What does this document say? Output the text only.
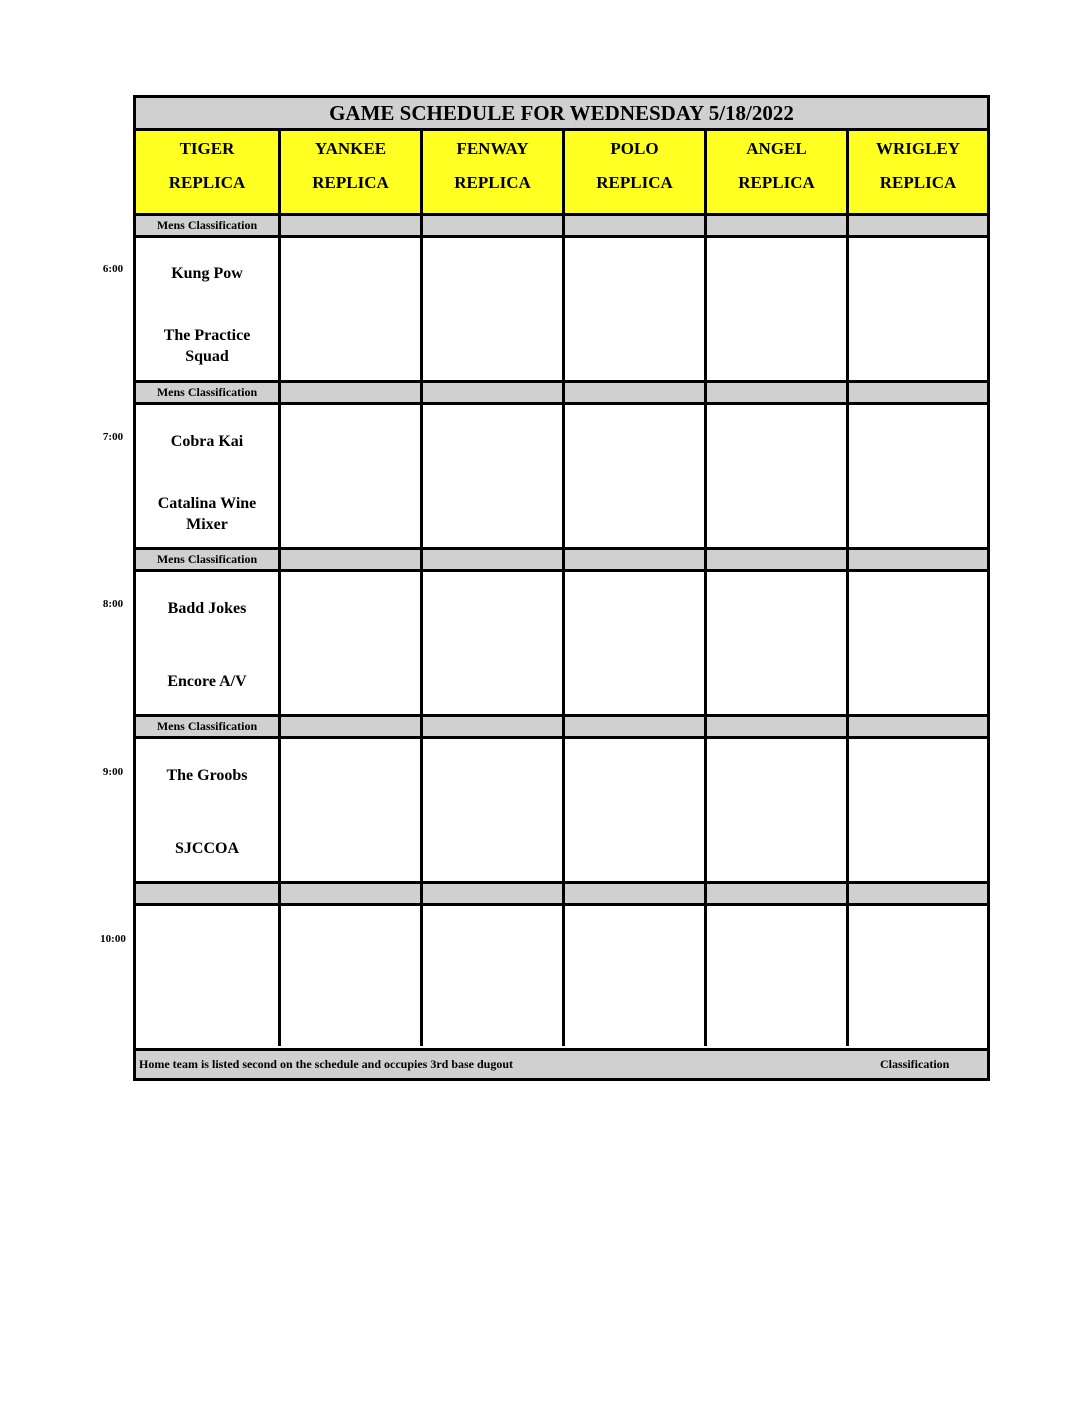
GAME SCHEDULE FOR WEDNESDAY 5/18/2022
TIGER
REPLICA
Mens Classification
Kung Pow
The Practice Squad
Mens Classification
Cobra Kai
Catalina Wine Mixer
Mens Classification
Badd Jokes
Encore A/V
Mens Classification
The Groobs
SJCCOA
YANKEE
REPLICA
FENWAY
REPLICA
POLO
REPLICA
ANGEL
REPLICA
WRIGLEY
REPLICA
Home team is listed second on the schedule and occupies 3rd base dugout	Classification
6:00
7:00
8:00
9:00
10:00
